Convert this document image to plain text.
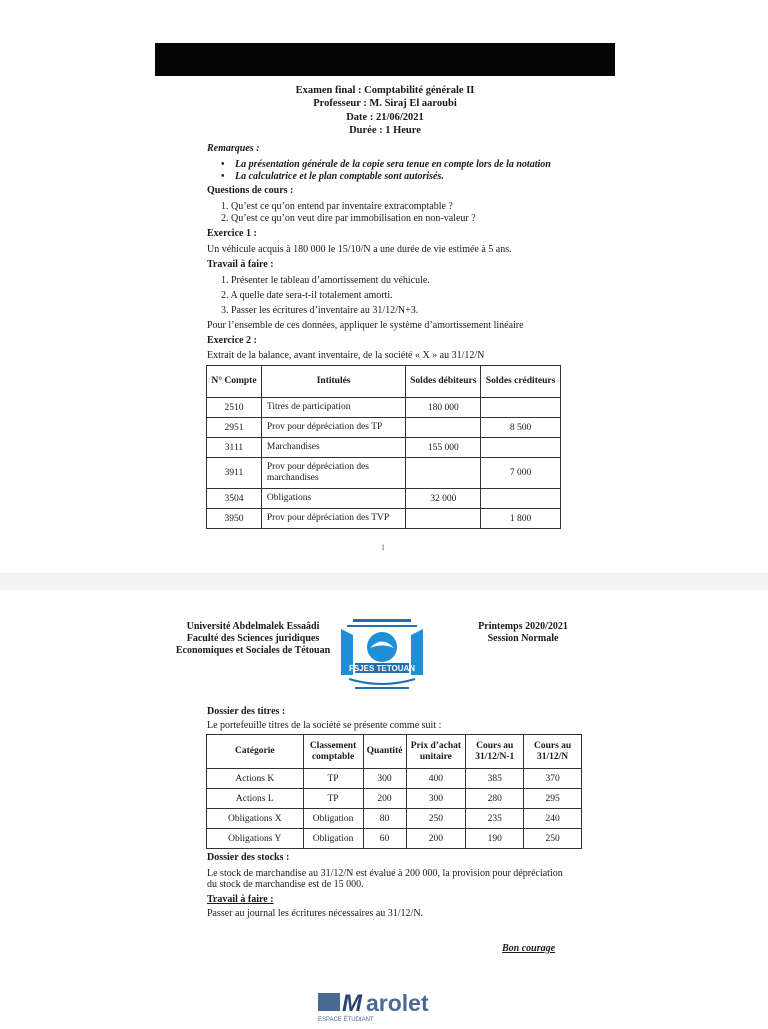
Examen final : Comptabilité générale II
Professeur : M. Siraj El aaroubi
Date : 21/06/2021
Durée : 1 Heure
Remarques :
• La présentation générale de la copie sera tenue en compte lors de la notation
• La calculatrice et le plan comptable sont autorisés.
Questions de cours :
1. Qu’est ce qu’on entend par inventaire extracomptable ?
2. Qu’est ce qu’on veut dire par immobilisation en non-valeur ?
Exercice 1 :
Un véhicule acquis à 180 000 le 15/10/N a une durée de vie estimée à 5 ans.
Travail à faire :
1. Présenter le tableau d’amortissement du véhicule.
2. A quelle date sera-t-il totalement amorti.
3. Passer les écritures d’inventaire au 31/12/N+3.
Pour l’ensemble de ces données, appliquer le système d’amortissement linéaire
Exercice 2 :
Extrait de la balance, avant inventaire, de la société « X » au 31/12/N
N° Compte	Intitulés	Soldes débiteurs	Soldes créditeurs
2510	Titres de participation	180 000	
2951	Prov pour dépréciation des TP		8 500
3111	Marchandises	155 000	
3911	Prov pour dépréciation des marchandises		7 000
3504	Obligations	32 000	
3950	Prov pour dépréciation des TVP		1 800
1
Université Abdelmalek Essaâdi Faculté des Sciences juridiques Economiques et Sociales de Tétouan
FSJES TETOUAN
Printemps 2020/2021 Session Normale
Dossier des titres :
Le portefeuille titres de la société se présente comme suit :
Catégorie	Classement comptable	Quantité	Prix d’achat unitaire	Cours au 31/12/N-1	Cours au 31/12/N
Actions K	TP	300	400	385	370
Actions L	TP	200	300	280	295
Obligations X	Obligation	80	250	235	240
Obligations Y	Obligation	60	200	190	250
Dossier des stocks :
Le stock de marchandise au 31/12/N est évalué à 200 000, la provision pour dépréciation
du stock de marchandise est de 15 000.
Travail à faire :
Passer au journal les écritures nécessaires au 31/12/N.
Bon courage
M arolet
ESPACE ÉTUDIANT
